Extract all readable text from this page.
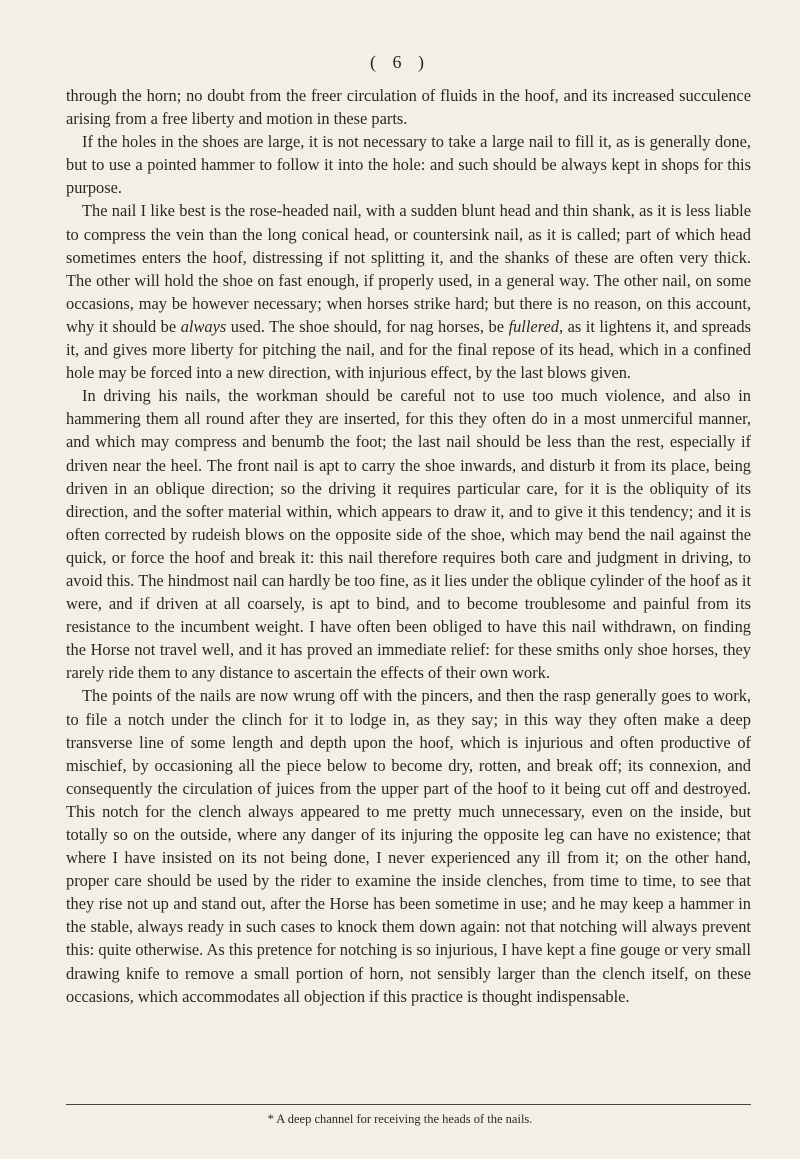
( 6 )

through the horn; no doubt from the freer circulation of fluids in the hoof, and its increased succulence arising from a free liberty and motion in these parts.

If the holes in the shoes are large, it is not necessary to take a large nail to fill it, as is generally done, but to use a pointed hammer to follow it into the hole: and such should be always kept in shops for this purpose.

The nail I like best is the rose-headed nail, with a sudden blunt head and thin shank, as it is less liable to compress the vein than the long conical head, or countersink nail, as it is called; part of which head sometimes enters the hoof, distressing if not splitting it, and the shanks of these are often very thick. The other will hold the shoe on fast enough, if properly used, in a general way. The other nail, on some occasions, may be however necessary; when horses strike hard; but there is no reason, on this account, why it should be always used. The shoe should, for nag horses, be fullered, as it lightens it, and spreads it, and gives more liberty for pitching the nail, and for the final repose of its head, which in a confined hole may be forced into a new direction, with injurious effect, by the last blows given.

In driving his nails, the workman should be careful not to use too much violence, and also in hammering them all round after they are inserted, for this they often do in a most unmerciful manner, and which may compress and benumb the foot; the last nail should be less than the rest, especially if driven near the heel. The front nail is apt to carry the shoe inwards, and disturb it from its place, being driven in an oblique direction; so the driving it requires particular care, for it is the obliquity of its direction, and the softer material within, which appears to draw it, and to give it this tendency; and it is often corrected by rudeish blows on the opposite side of the shoe, which may bend the nail against the quick, or force the hoof and break it: this nail therefore requires both care and judgment in driving, to avoid this. The hindmost nail can hardly be too fine, as it lies under the oblique cylinder of the hoof as it were, and if driven at all coarsely, is apt to bind, and to become troublesome and painful from its resistance to the incumbent weight. I have often been obliged to have this nail withdrawn, on finding the Horse not travel well, and it has proved an immediate relief: for these smiths only shoe horses, they rarely ride them to any distance to ascertain the effects of their own work.

The points of the nails are now wrung off with the pincers, and then the rasp generally goes to work, to file a notch under the clinch for it to lodge in, as they say; in this way they often make a deep transverse line of some length and depth upon the hoof, which is injurious and often productive of mischief, by occasioning all the piece below to become dry, rotten, and break off; its connexion, and consequently the circulation of juices from the upper part of the hoof to it being cut off and destroyed. This notch for the clench always appeared to me pretty much unnecessary, even on the inside, but totally so on the outside, where any danger of its injuring the opposite leg can have no existence; that where I have insisted on its not being done, I never experienced any ill from it; on the other hand, proper care should be used by the rider to examine the inside clenches, from time to time, to see that they rise not up and stand out, after the Horse has been sometime in use; and he may keep a hammer in the stable, always ready in such cases to knock them down again: not that notching will always prevent this: quite otherwise. As this pretence for notching is so injurious, I have kept a fine gouge or very small drawing knife to remove a small portion of horn, not sensibly larger than the clench itself, on these occasions, which accommodates all objection if this practice is thought indispensable.

* A deep channel for receiving the heads of the nails.
